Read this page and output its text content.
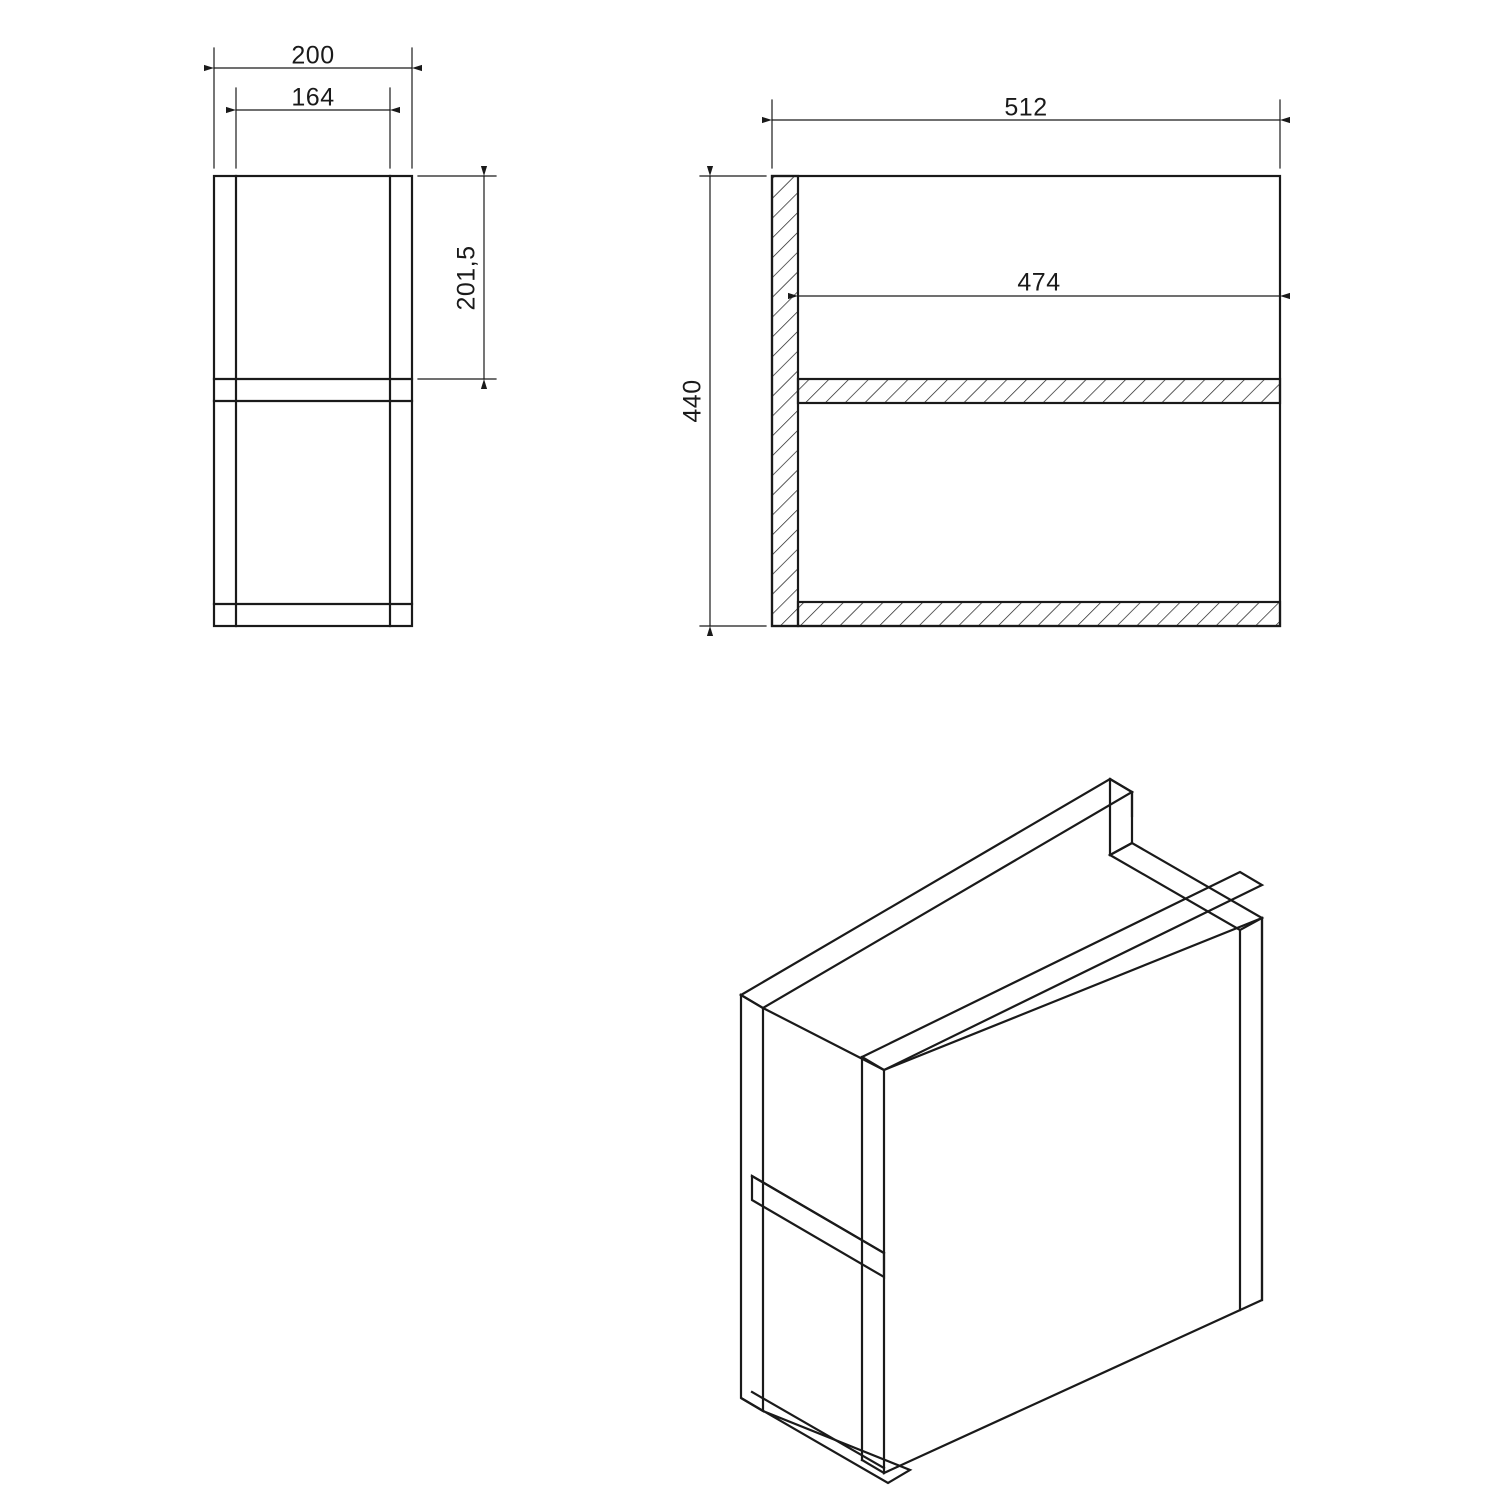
200
164
201,5
512
474
440
